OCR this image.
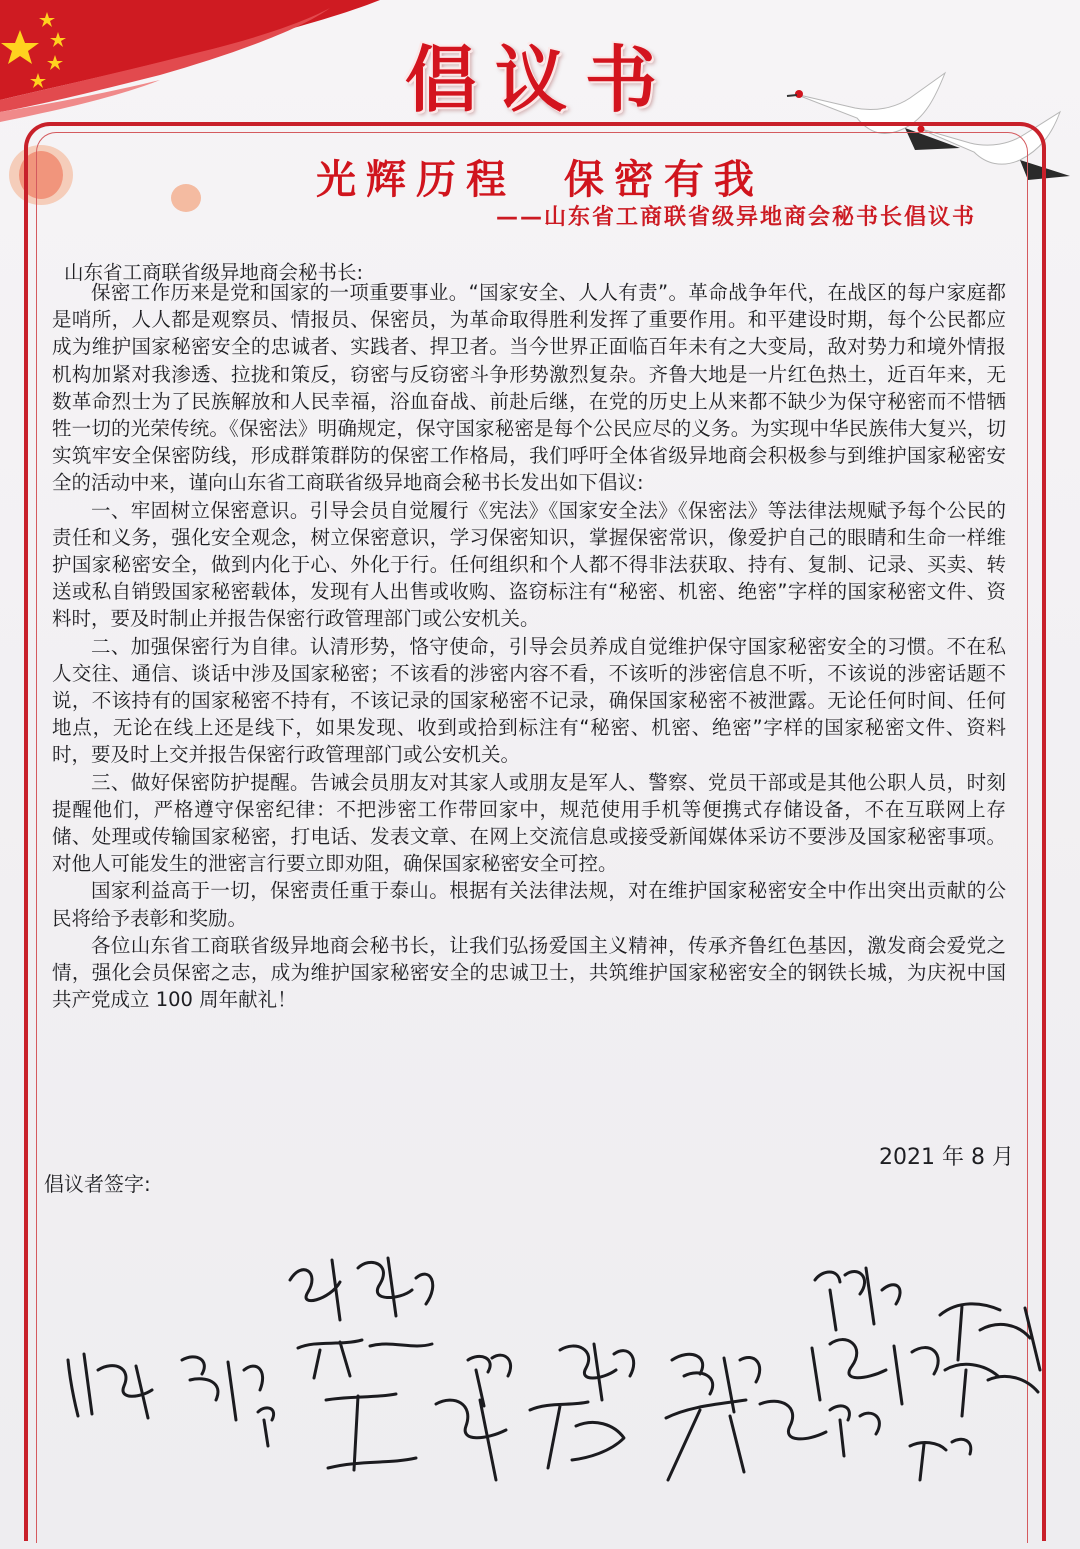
倡议书
光辉历程  保密有我
——山东省工商联省级异地商会秘书长倡议书
山东省工商联省级异地商会秘书长:

保密工作历来是党和国家的一项重要事业。“国家安全、人人有责”。革命战争年代，在战区的每户家庭都是哨所，人人都是观察员、情报员、保密员，为革命取得胜利发挥了重要作用。和平建设时期，每个公民都应成为维护国家秘密安全的忠诚者、实践者、捍卫者。当今世界正面临百年未有之大变局，敌对势力和境外情报机构加紧对我渗透、拉拢和策反，窃密与反窃密斗争形势激烈复杂。齐鲁大地是一片红色热土，近百年来，无数革命烈士为了民族解放和人民幸福，浴血奋战、前赴后继，在党的历史上从来都不缺少为保守秘密而不惜牺牲一切的光荣传统。《保密法》明确规定，保守国家秘密是每个公民应尽的义务。为实现中华民族伟大复兴，切实筑牢安全保密防线，形成群策群防的保密工作格局，我们呼吁全体省级异地商会积极参与到维护国家秘密安全的活动中来，谨向山东省工商联省级异地商会秘书长发出如下倡议:

一、牢固树立保密意识。引导会员自觉履行《宪法》《国家安全法》《保密法》等法律法规赋予每个公民的责任和义务，强化安全观念，树立保密意识，学习保密知识，掌握保密常识，像爱护自己的眼睛和生命一样维护国家秘密安全，做到内化于心、外化于行。任何组织和个人都不得非法获取、持有、复制、记录、买卖、转送或私自销毁国家秘密载体，发现有人出售或收购、盗窃标注有“秘密、机密、绝密”字样的国家秘密文件、资料时，要及时制止并报告保密行政管理部门或公安机关。

二、加强保密行为自律。认清形势，恪守使命，引导会员养成自觉维护保守国家秘密安全的习惯。不在私人交往、通信、谈话中涉及国家秘密；不该看的涉密内容不看，不该听的涉密信息不听，不该说的涉密话题不说，不该持有的国家秘密不持有，不该记录的国家秘密不记录，确保国家秘密不被泄露。无论任何时间、任何地点，无论在线上还是线下，如果发现、收到或拾到标注有“秘密、机密、绝密”字样的国家秘密文件、资料时，要及时上交并报告保密行政管理部门或公安机关。

三、做好保密防护提醒。告诫会员朋友对其家人或朋友是军人、警察、党员干部或是其他公职人员，时刻提醒他们，严格遵守保密纪律：不把涉密工作带回家中，规范使用手机等便携式存储设备，不在互联网上存储、处理或传输国家秘密，打电话、发表文章、在网上交流信息或接受新闻媒体采访不要涉及国家秘密事项。对他人可能发生的泄密言行要立即劝阻，确保国家秘密安全可控。

国家利益高于一切，保密责任重于泰山。根据有关法律法规，对在维护国家秘密安全中作出突出贡献的公民将给予表彰和奖励。

各位山东省工商联省级异地商会秘书长，让我们弘扬爱国主义精神，传承齐鲁红色基因，激发商会爱党之情，强化会员保密之志，成为维护国家秘密安全的忠诚卫士，共筑维护国家秘密安全的钢铁长城，为庆祝中国共产党成立 100 周年献礼！

2021 年 8 月
倡议者签字:
